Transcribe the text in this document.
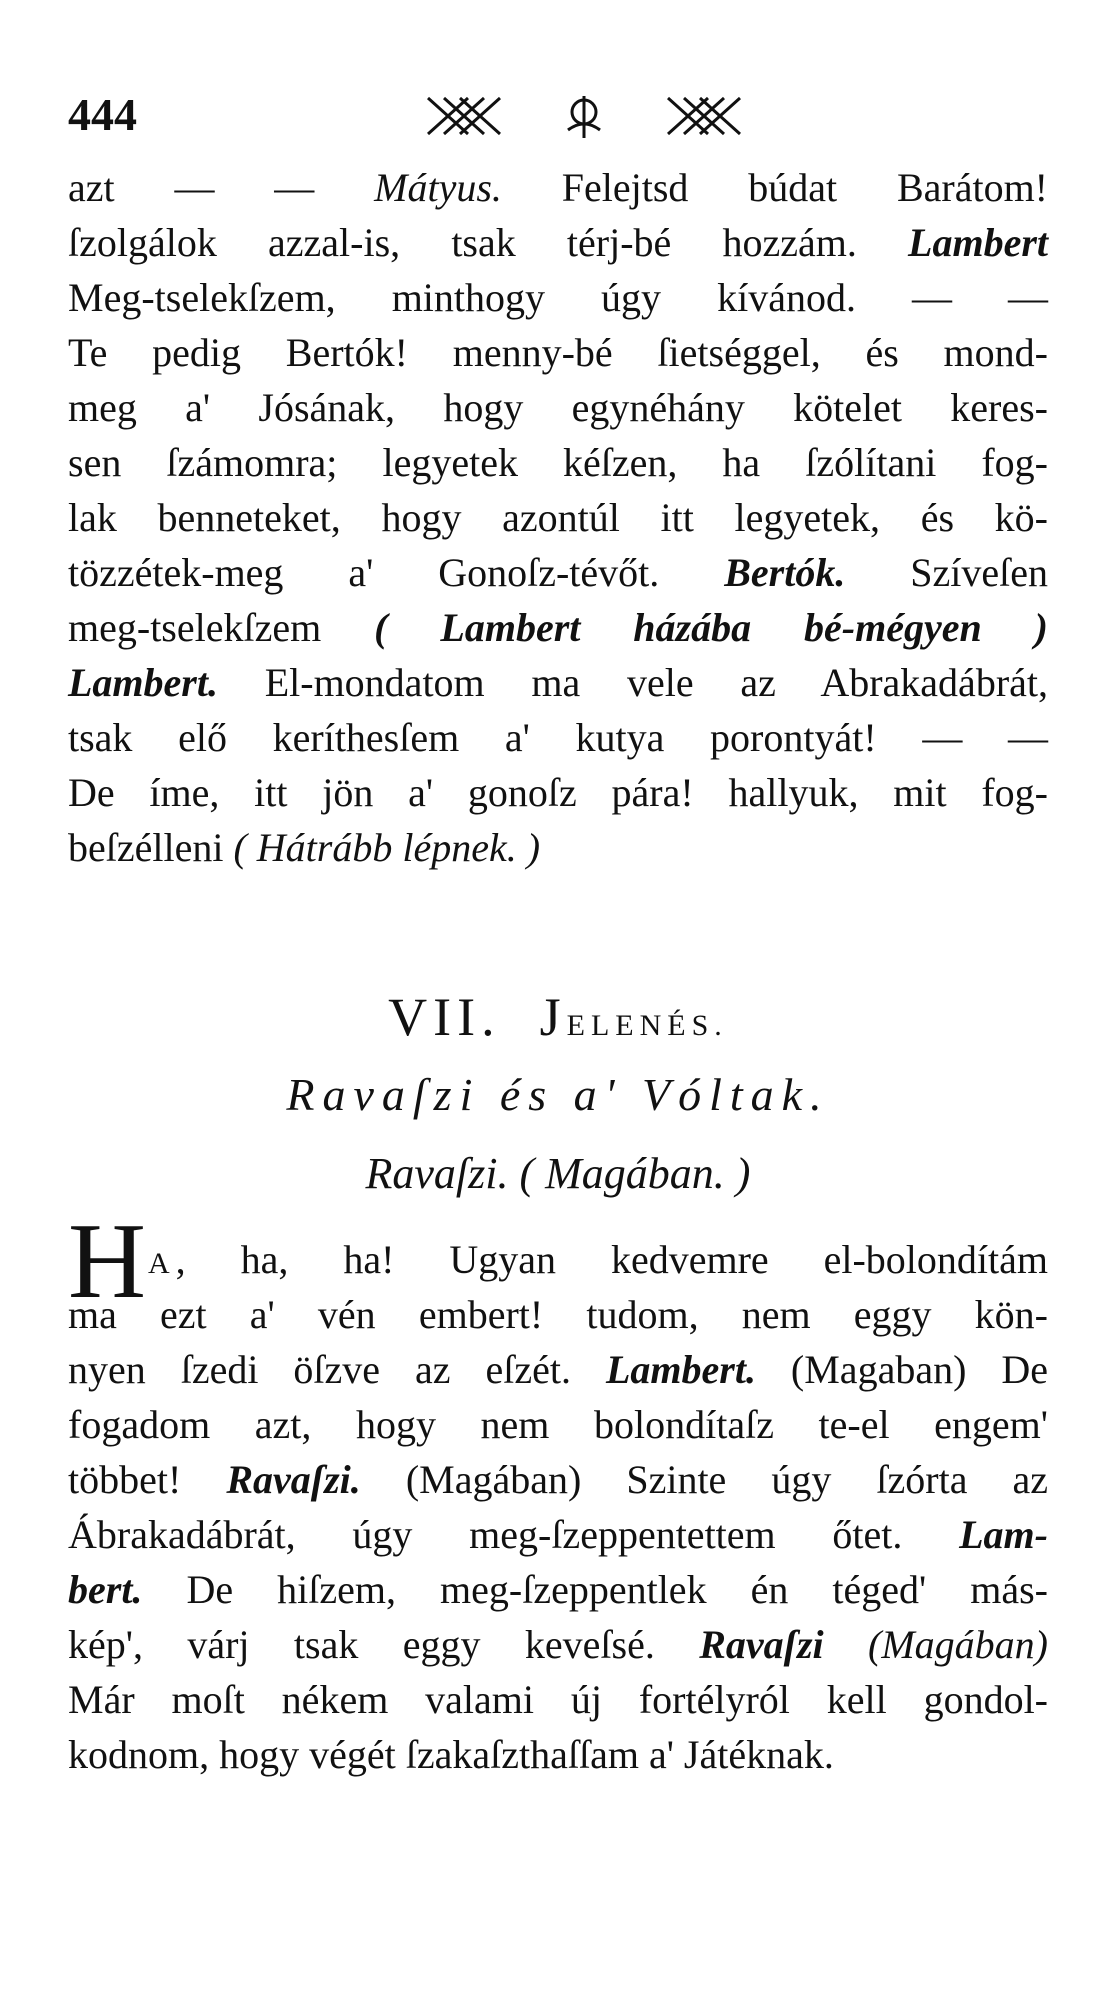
444
azt — — Mátyus. Felejtsd búdat Barátom!
ſzolgálok azzal-is, tsak térj-bé hozzám. Lambert
Meg-tselekſzem, minthogy úgy kívánod. — —
Te pedig Bertók! menny-bé ſietséggel, és mond-
meg a' Jósának, hogy egynéhány kötelet keres-
sen ſzámomra; legyetek kéſzen, ha ſzólítani fog-
lak benneteket, hogy azontúl itt legyetek, és kö-
tözzétek-meg a' Gonoſz-tévőt. Bertók. Szíveſen
meg-tselekſzem ( Lambert házába bé-mégyen )
Lambert. El-mondatom ma vele az Abrakadábrát,
tsak elő keríthesſem a' kutya porontyát! — —
De íme, itt jön a' gonoſz pára! hallyuk, mit fog-
beſzélleni ( Hátrább lépnek. )
VII. JELENÉS.
Ravaſzi és a' Vóltak.
Ravaſzi. ( Magában. )
H A, ha, ha! Ugyan kedvemre el-bolondítám
ma ezt a' vén embert! tudom, nem eggy kön-
nyen ſzedi öſzve az eſzét. Lambert. (Magaban) De
fogadom azt, hogy nem bolondítaſz te-el engem'
többet! Ravaſzi. (Magában) Szinte úgy ſzórta az
Ábrakadábrát, úgy meg-ſzeppentettem őtet. Lam-
bert. De hiſzem, meg-ſzeppentlek én téged' más-
kép', várj tsak eggy keveſsé. Ravaſzi (Magában)
Már moſt nékem valami új fortélyról kell gondol-
kodnom, hogy végét ſzakaſzthaſſam a' Játéknak.
